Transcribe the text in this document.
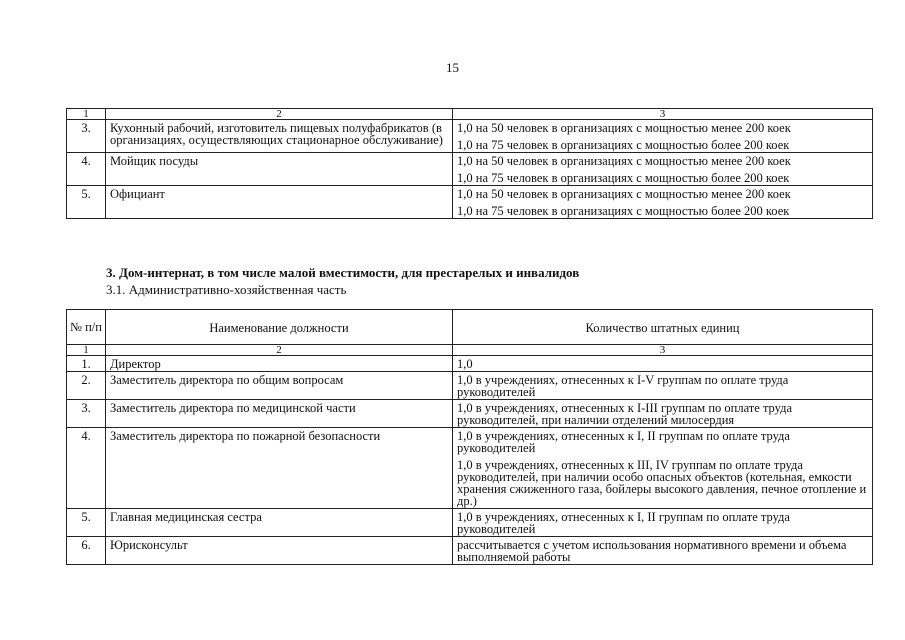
15
1	2	3
3.	Кухонный рабочий, изготовитель пищевых полуфабрикатов (в организациях, осуществляющих стационарное обслуживание)	1,0 на 50 человек в организациях с мощностью менее 200 коек
1,0 на 75 человек в организациях с мощностью более 200 коек

4.	Мойщик посуды	1,0 на 50 человек в организациях с мощностью менее 200 коек
1,0 на 75 человек в организациях с мощностью более 200 коек

5.	Официант	1,0 на 50 человек в организациях с мощностью менее 200 коек
1,0 на 75 человек в организациях с мощностью более 200 коек
3. Дом-интернат, в том числе малой вместимости, для престарелых и инвалидов
3.1. Административно-хозяйственная часть
№ п/п	Наименование должности	Количество штатных единиц
1	2	3
1.	Директор	1,0
2.	Заместитель директора по общим вопросам	1,0 в учреждениях, отнесенных к I-V группам по оплате труда руководителей
3.	Заместитель директора по медицинской части	1,0 в учреждениях, отнесенных к I-III группам по оплате труда руководителей, при наличии отделений милосердия
4.	Заместитель директора по пожарной безопасности	1,0 в учреждениях, отнесенных к I, II группам по оплате труда руководителей
1,0 в учреждениях, отнесенных к III, IV группам по оплате труда руководителей, при наличии особо опасных объектов (котельная, емкости хранения сжиженного газа, бойлеры высокого давления, печное отопление и др.)

5.	Главная медицинская сестра	1,0 в учреждениях, отнесенных к I, II группам по оплате труда руководителей
6.	Юрисконсульт	рассчитывается с учетом использования нормативного времени и объема выполняемой работы
